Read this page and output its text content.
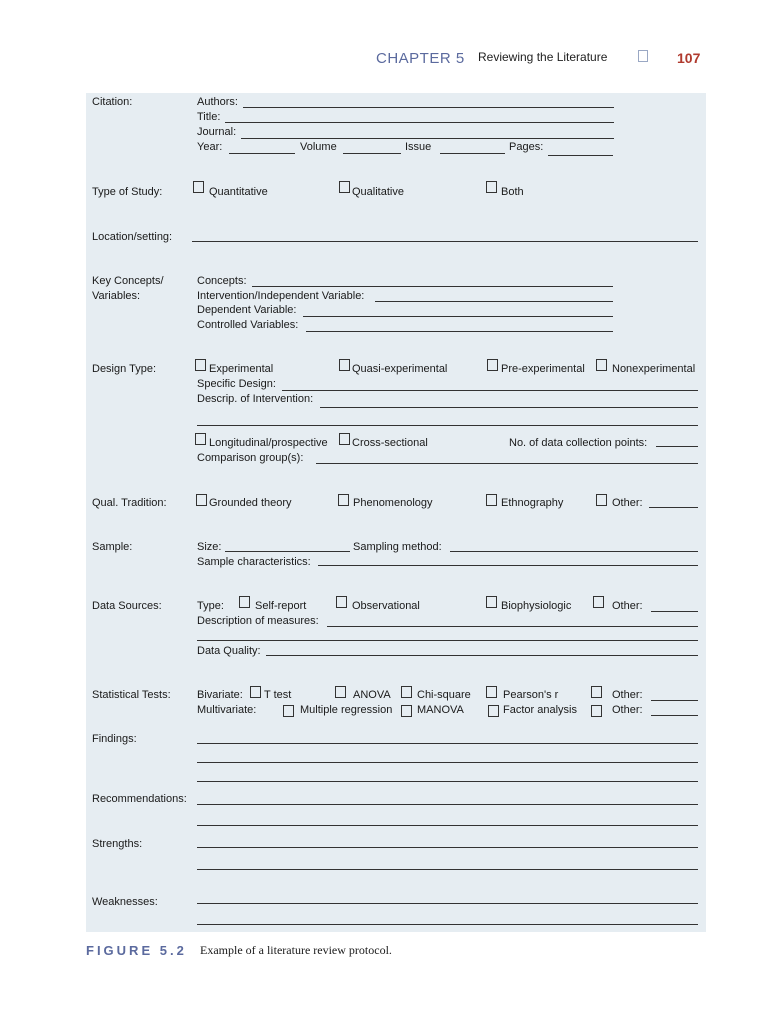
CHAPTER 5 Reviewing the Literature	107
Citation:	Authors:
Title:
Journal:
Year:	Volume	Issue	Pages:
Type of Study:	Quantitative	Qualitative	Both
Location/setting:
Key Concepts/
Variables:
Concepts:
Intervention/Independent Variable:
Dependent Variable:
Controlled Variables:
Design Type:	Experimental	Quasi-experimental	Pre-experimental Nonexperimental
Specific Design:
Descrip. of Intervention:
Longitudinal/prospective Cross-sectional	No. of data collection points:
Comparison group(s):
Qual. Tradition:	Grounded theory	Phenomenology	Ethnography	Other:
Sample:	Size:	Sampling method:
Sample characteristics:
Data Sources:	Type:	Self-report	Observational	Biophysiologic	Other:
Description of measures:
Data Quality:
Statistical Tests: Bivariate: T test	ANOVA Chi-square	Pearson's r	Other:
Multivariate:	Multiple regression MANOVA	Factor analysis	Other:
Findings:
Recommendations:
Strengths:
Weaknesses:
FIGURE 5.2 Example of a literature review protocol.
